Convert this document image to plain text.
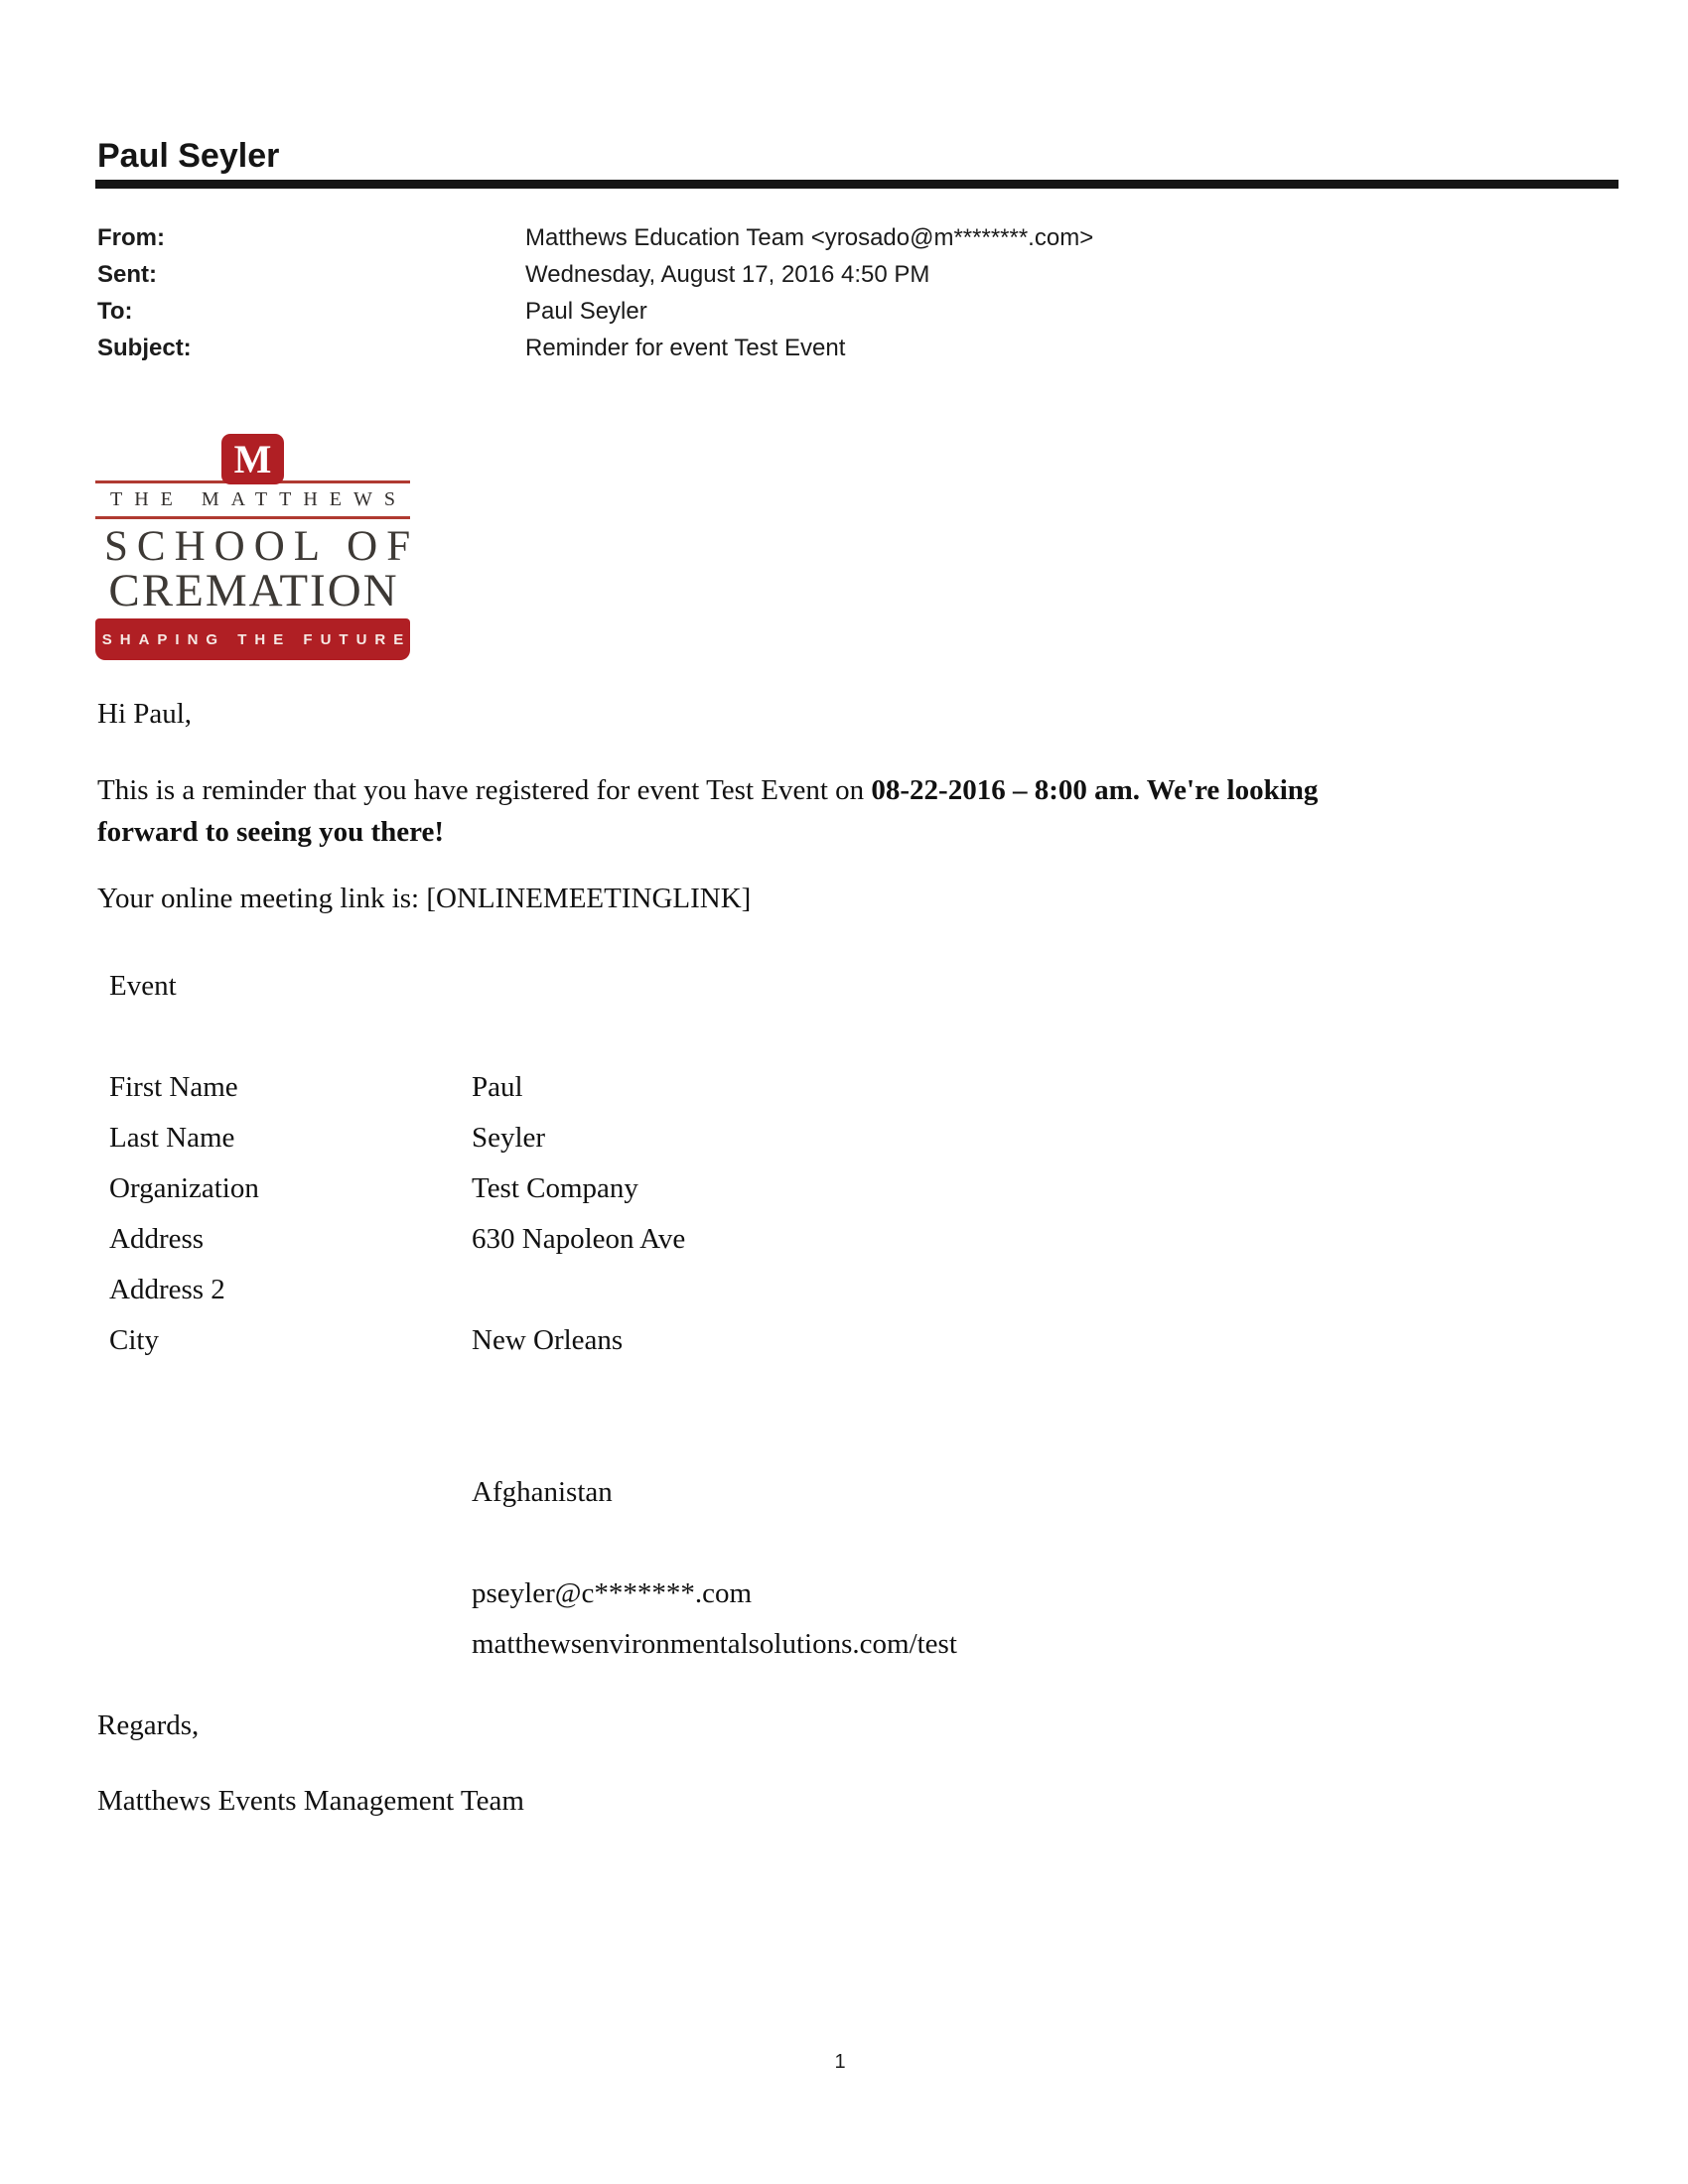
Paul Seyler
From:	Matthews Education Team <yrosado@m********.com>
Sent:	Wednesday, August 17, 2016 4:50 PM
To:	Paul Seyler
Subject:	Reminder for event Test Event
M
THE MATTHEWS
SCHOOL OF
CREMATION
SHAPING THE FUTURE
Hi Paul,
This is a reminder that you have registered for event Test Event on 08-22-2016 – 8:00 am. We're looking
forward to seeing you there!
Your online meeting link is: [ONLINEMEETINGLINK]
Event
First Name	Paul
Last Name	Seyler
Organization	Test Company
Address	630 Napoleon Ave
Address 2
City	New Orleans
Afghanistan
pseyler@c*******.com
matthewsenvironmentalsolutions.com/test
Regards,
Matthews Events Management Team
1
